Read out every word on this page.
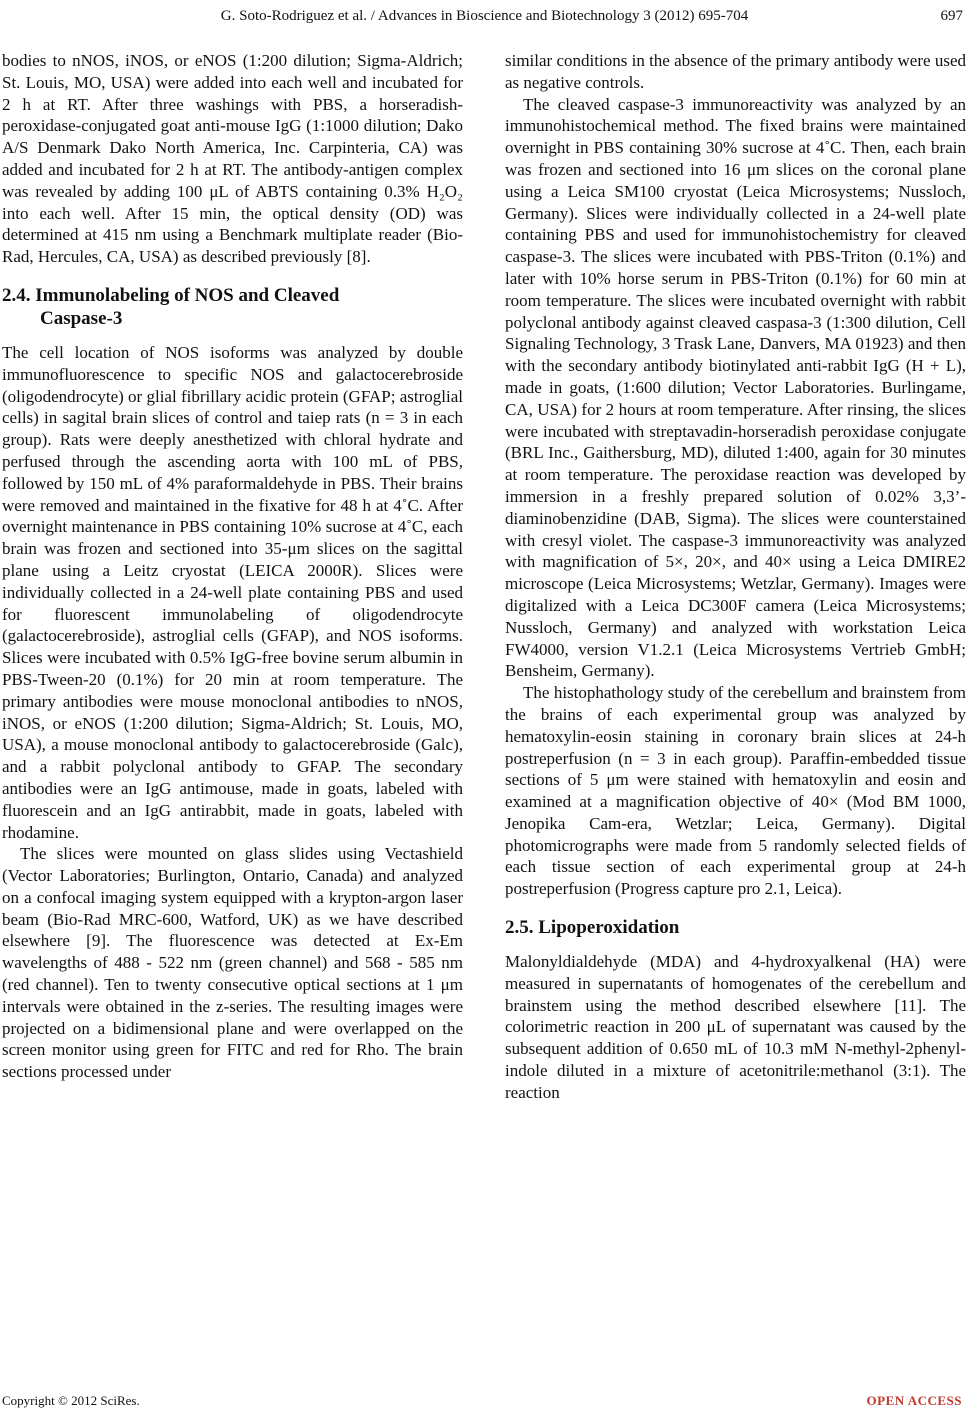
G. Soto-Rodriguez et al. / Advances in Bioscience and Biotechnology 3 (2012) 695-704	697

bodies to nNOS, iNOS, or eNOS (1:200 dilution; Sigma-Aldrich; St. Louis, MO, USA) were added into each well and incubated for 2 h at RT. After three washings with PBS, a horseradish-peroxidase-conjugated goat anti-mouse IgG (1:1000 dilution; Dako A/S Denmark Dako North America, Inc. Carpinteria, CA) was added and incubated for 2 h at RT. The antibody-antigen complex was revealed by adding 100 μL of ABTS containing 0.3% H₂O₂ into each well. After 15 min, the optical density (OD) was determined at 415 nm using a Benchmark multiplate reader (Bio-Rad, Hercules, CA, USA) as described previously [8].

2.4. Immunolabeling of NOS and Cleaved

Caspase-3

The cell location of NOS isoforms was analyzed by double immunofluorescence to specific NOS and galactocerebroside (oligodendrocyte) or glial fibrillary acidic protein (GFAP; astroglial cells) in sagital brain slices of control and taiep rats (n = 3 in each group). Rats were deeply anesthetized with chloral hydrate and perfused through the ascending aorta with 100 mL of PBS, followed by 150 mL of 4% paraformaldehyde in PBS. Their brains were removed and maintained in the fixative for 48 h at 4˚C. After overnight maintenance in PBS containing 10% sucrose at 4˚C, each brain was frozen and sectioned into 35-μm slices on the sagittal plane using a Leitz cryostat (LEICA 2000R). Slices were individually collected in a 24-well plate containing PBS and used for fluorescent immunolabeling of oligodendrocyte (galactocerebroside), astroglial cells (GFAP), and NOS isoforms. Slices were incubated with 0.5% IgG-free bovine serum albumin in PBS-Tween-20 (0.1%) for 20 min at room temperature. The primary antibodies were mouse monoclonal antibodies to nNOS, iNOS, or eNOS (1:200 dilution; Sigma-Aldrich; St. Louis, MO, USA), a mouse monoclonal antibody to galactocerebroside (Galc), and a rabbit polyclonal antibody to GFAP. The secondary antibodies were an IgG antimouse, made in goats, labeled with fluorescein and an IgG antirabbit, made in goats, labeled with rhodamine.

The slices were mounted on glass slides using Vectashield (Vector Laboratories; Burlington, Ontario, Canada) and analyzed on a confocal imaging system equipped with a krypton-argon laser beam (Bio-Rad MRC-600, Watford, UK) as we have described elsewhere [9]. The fluorescence was detected at Ex-Em wavelengths of 488 - 522 nm (green channel) and 568 - 585 nm (red channel). Ten to twenty consecutive optical sections at 1 μm intervals were obtained in the z-series. The resulting images were projected on a bidimensional plane and were overlapped on the screen monitor using green for FITC and red for Rho. The brain sections processed under

similar conditions in the absence of the primary antibody were used as negative controls.

The cleaved caspase-3 immunoreactivity was analyzed by an immunohistochemical method. The fixed brains were maintained overnight in PBS containing 30% sucrose at 4˚C. Then, each brain was frozen and sectioned into 16 μm slices on the coronal plane using a Leica SM100 cryostat (Leica Microsystems; Nussloch, Germany). Slices were individually collected in a 24-well plate containing PBS and used for immunohistochemistry for cleaved caspase-3. The slices were incubated with PBS-Triton (0.1%) and later with 10% horse serum in PBS-Triton (0.1%) for 60 min at room temperature. The slices were incubated overnight with rabbit polyclonal antibody against cleaved caspasa-3 (1:300 dilution, Cell Signaling Technology, 3 Trask Lane, Danvers, MA 01923) and then with the secondary antibody biotinylated anti-rabbit IgG (H + L), made in goats, (1:600 dilution; Vector Laboratories. Burlingame, CA, USA) for 2 hours at room temperature. After rinsing, the slices were incubated with streptavadin-horseradish peroxidase conjugate (BRL Inc., Gaithersburg, MD), diluted 1:400, again for 30 minutes at room temperature. The peroxidase reaction was developed by immersion in a freshly prepared solution of 0.02% 3,3’-diaminobenzidine (DAB, Sigma). The slices were counterstained with cresyl violet. The caspase-3 immunoreactivity was analyzed with magnification of 5×, 20×, and 40× using a Leica DMIRE2 microscope (Leica Microsystems; Wetzlar, Germany). Images were digitalized with a Leica DC300F camera (Leica Microsystems; Nussloch, Germany) and analyzed with workstation Leica FW4000, version V1.2.1 (Leica Microsystems Vertrieb GmbH; Bensheim, Germany).

The histophathology study of the cerebellum and brainstem from the brains of each experimental group was analyzed by hematoxylin-eosin staining in coronary brain slices at 24-h postreperfusion (n = 3 in each group). Paraffin-embedded tissue sections of 5 μm were stained with hematoxylin and eosin and examined at a magnification objective of 40× (Mod BM 1000, Jenopika Cam-era, Wetzlar; Leica, Germany). Digital photomicrographs were made from 5 randomly selected fields of each tissue section of each experimental group at 24-h postreperfusion (Progress capture pro 2.1, Leica).

2.5. Lipoperoxidation

Malonyldialdehyde (MDA) and 4-hydroxyalkenal (HA) were measured in supernatants of homogenates of the cerebellum and brainstem using the method described elsewhere [11]. The colorimetric reaction in 200 μL of supernatant was caused by the subsequent addition of 0.650 mL of 10.3 mM N-methyl-2phenyl-indole diluted in a mixture of acetonitrile:methanol (3:1). The reaction

Copyright © 2012 SciRes.	OPEN ACCESS
